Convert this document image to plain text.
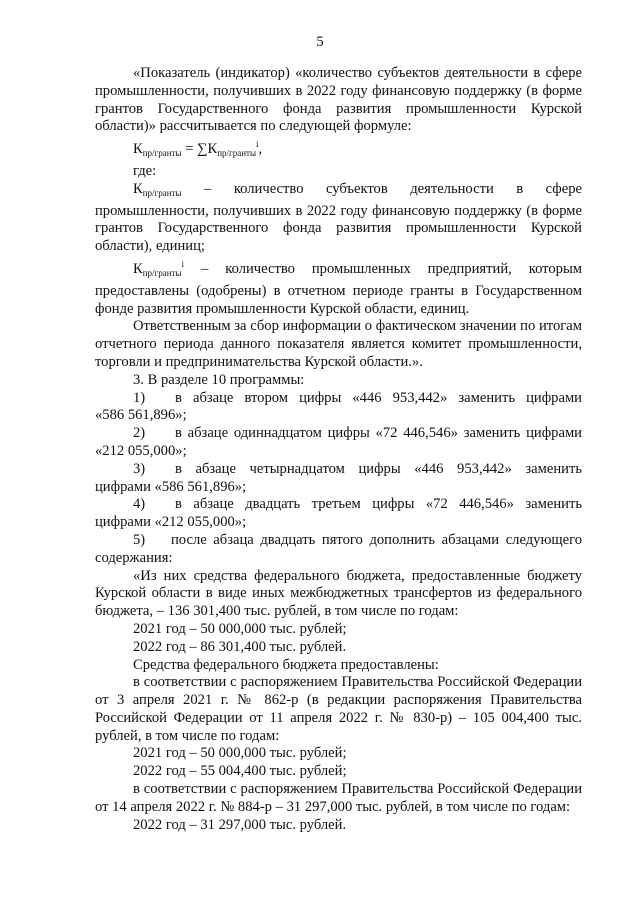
5

«Показатель (индикатор) «количество субъектов деятельности в сфере промышленности, получивших в 2022 году финансовую поддержку (в форме грантов Государственного фонда развития промышленности Курской области)» рассчитывается по следующей формуле:

$К_{пр/гранты} = \sum К_{пр/гранты}^i$,

где:

$К_{пр/гранты}$ – количество субъектов деятельности в сфере промышленности, получивших в 2022 году финансовую поддержку (в форме грантов Государственного фонда развития промышленности Курской области), единиц;

$К_{пр/гранты}^i$ – количество промышленных предприятий, которым предоставлены (одобрены) в отчетном периоде гранты в Государственном фонде развития промышленности Курской области, единиц.

Ответственным за сбор информации о фактическом значении по итогам отчетного периода данного показателя является комитет промышленности, торговли и предпринимательства Курской области.».

3. В разделе 10 программы:

1)	в абзаце втором цифры «446 953,442» заменить цифрами

«586 561,896»;

2)	в абзаце одиннадцатом цифры «72 446,546» заменить цифрами

«212 055,000»;

3)	в абзаце четырнадцатом цифры «446 953,442» заменить

цифрами «586 561,896»;

4)	в абзаце двадцать третьем цифры «72 446,546» заменить

цифрами «212 055,000»;

5)	после абзаца двадцать пятого дополнить абзацами следующего

содержания:

«Из них средства федерального бюджета, предоставленные бюджету Курской области в виде иных межбюджетных трансфертов из федерального бюджета, – 136 301,400 тыс. рублей, в том числе по годам:

2021 год – 50 000,000 тыс. рублей;

2022 год – 86 301,400 тыс. рублей.

Средства федерального бюджета предоставлены:

в соответствии с распоряжением Правительства Российской Федерации от 3 апреля 2021 г. № 862-р (в редакции распоряжения Правительства Российской Федерации от 11 апреля 2022 г. № 830-р) – 105 004,400 тыс. рублей, в том числе по годам:

2021 год – 50 000,000 тыс. рублей;

2022 год – 55 004,400 тыс. рублей;

в соответствии с распоряжением Правительства Российской Федерации от 14 апреля 2022 г. № 884-р – 31 297,000 тыс. рублей, в том числе по годам:

2022 год – 31 297,000 тыс. рублей.
